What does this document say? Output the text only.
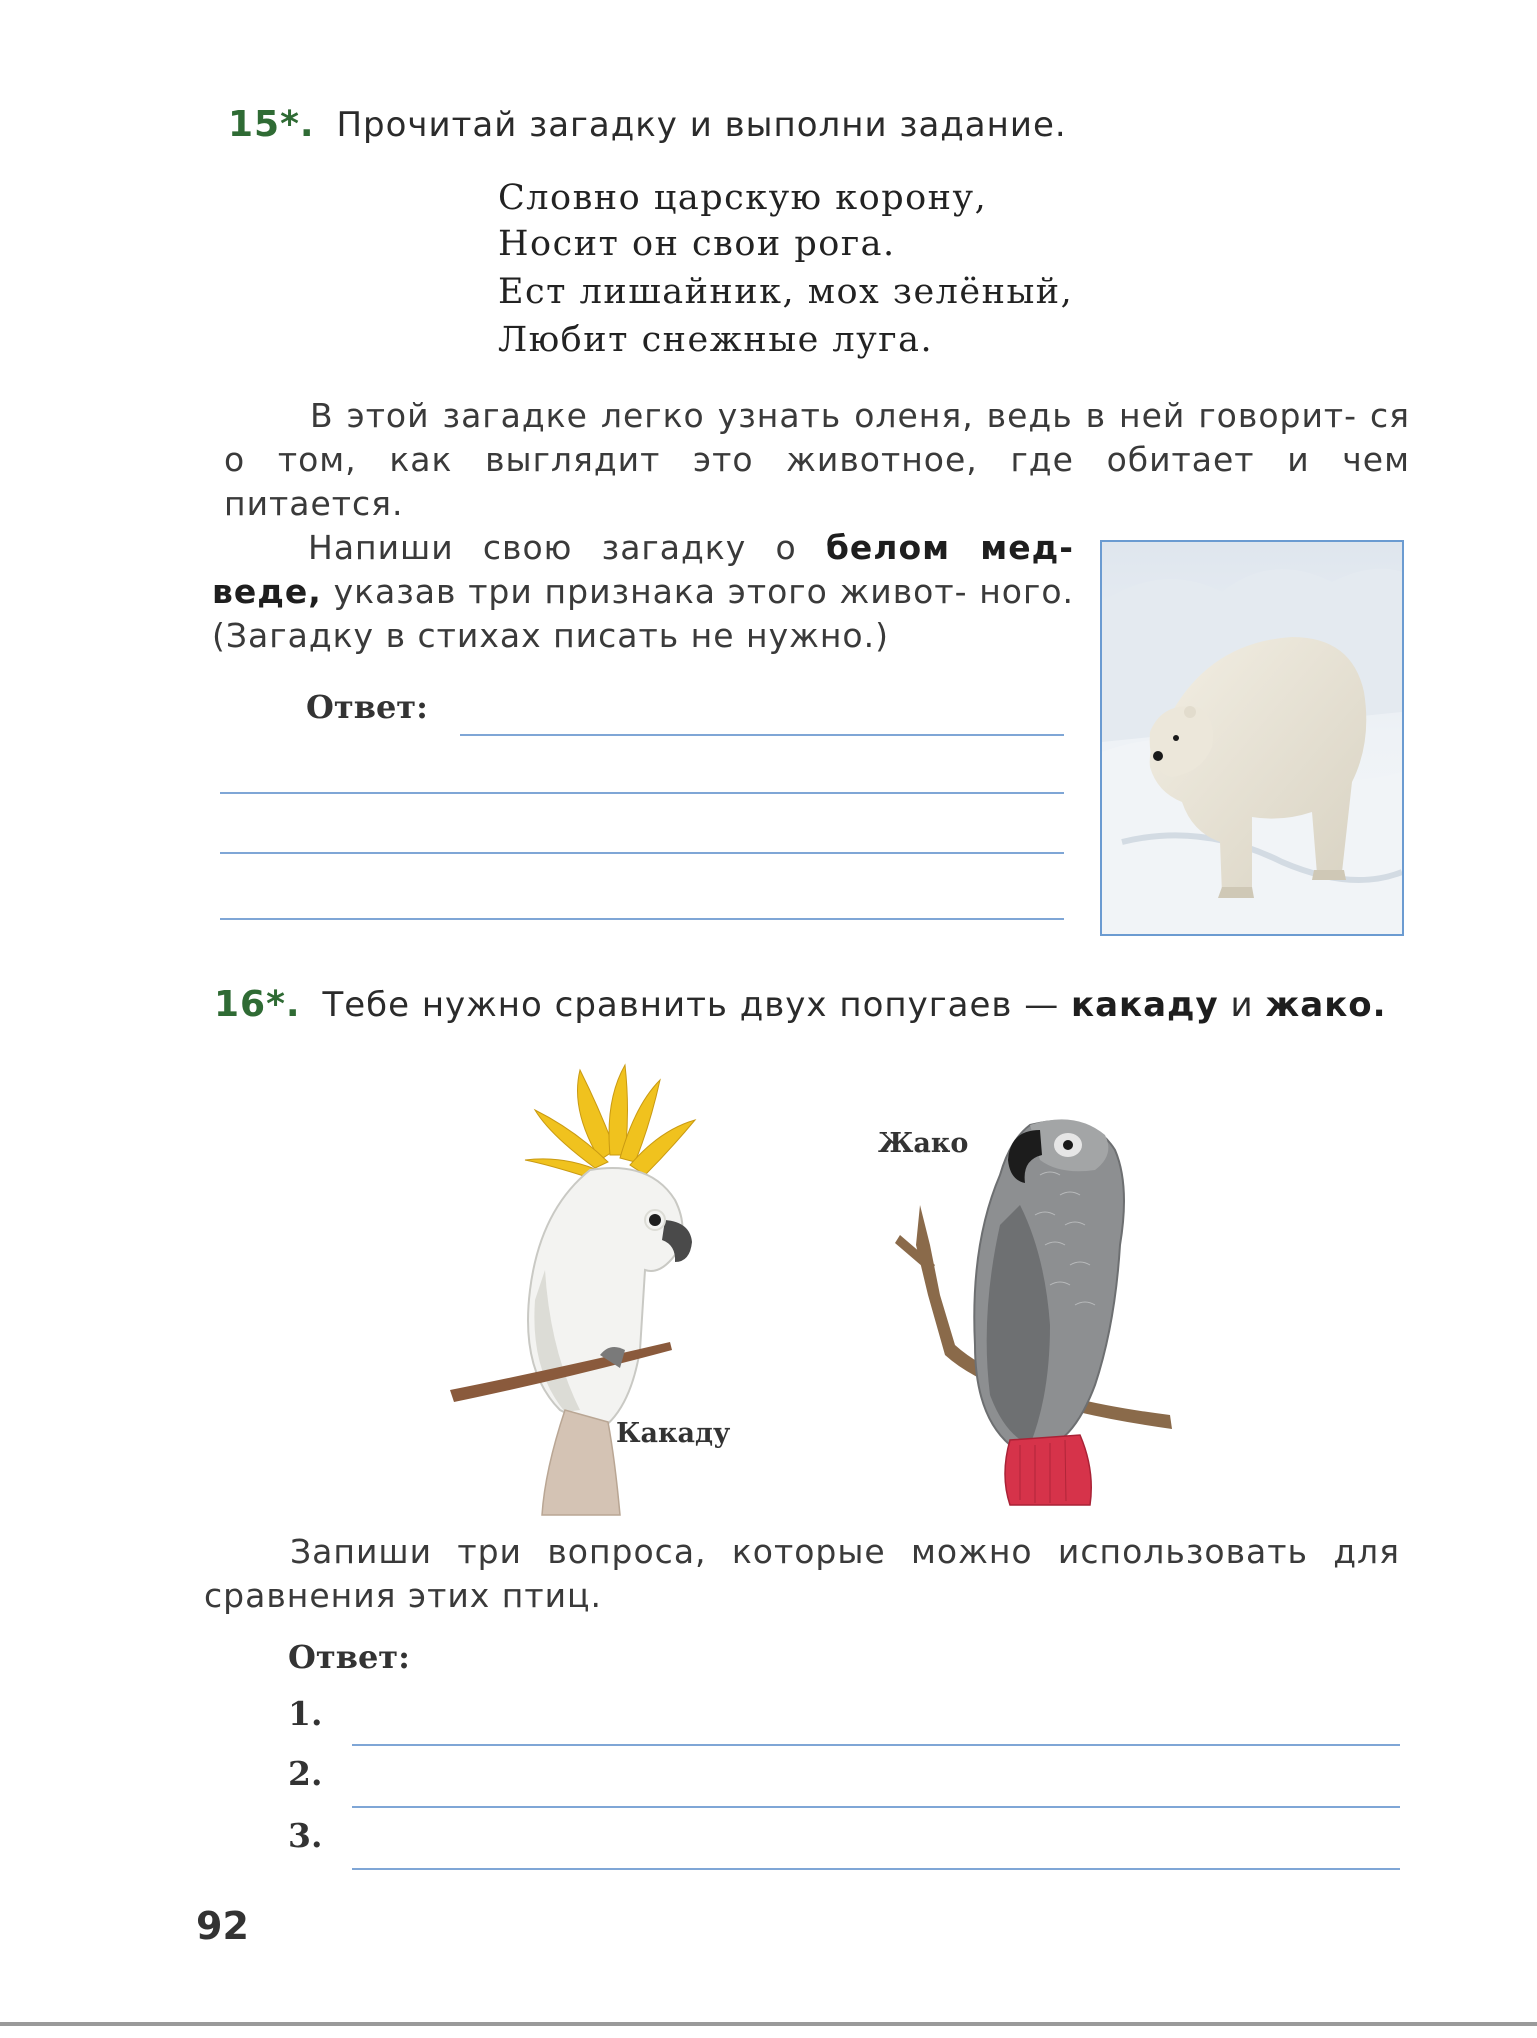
15*. Прочитай загадку и выполни задание.
Словно царскую корону,
Носит он свои рога.
Ест лишайник, мох зелёный,
Любит снежные луга.
В этой загадке легко узнать оленя, ведь в ней говорит- ся о том, как выглядит это животное, где обитает и чем питается.
Напиши свою загадку о белом мед- веде, указав три признака этого живот- ного. (Загадку в стихах писать не нужно.)
Ответ:
16*. Тебе нужно сравнить двух попугаев — какаду и жако.
Какаду
Жако
Запиши три вопроса, которые можно использовать для сравнения этих птиц.
Ответ:
1.
2.
3.
92
